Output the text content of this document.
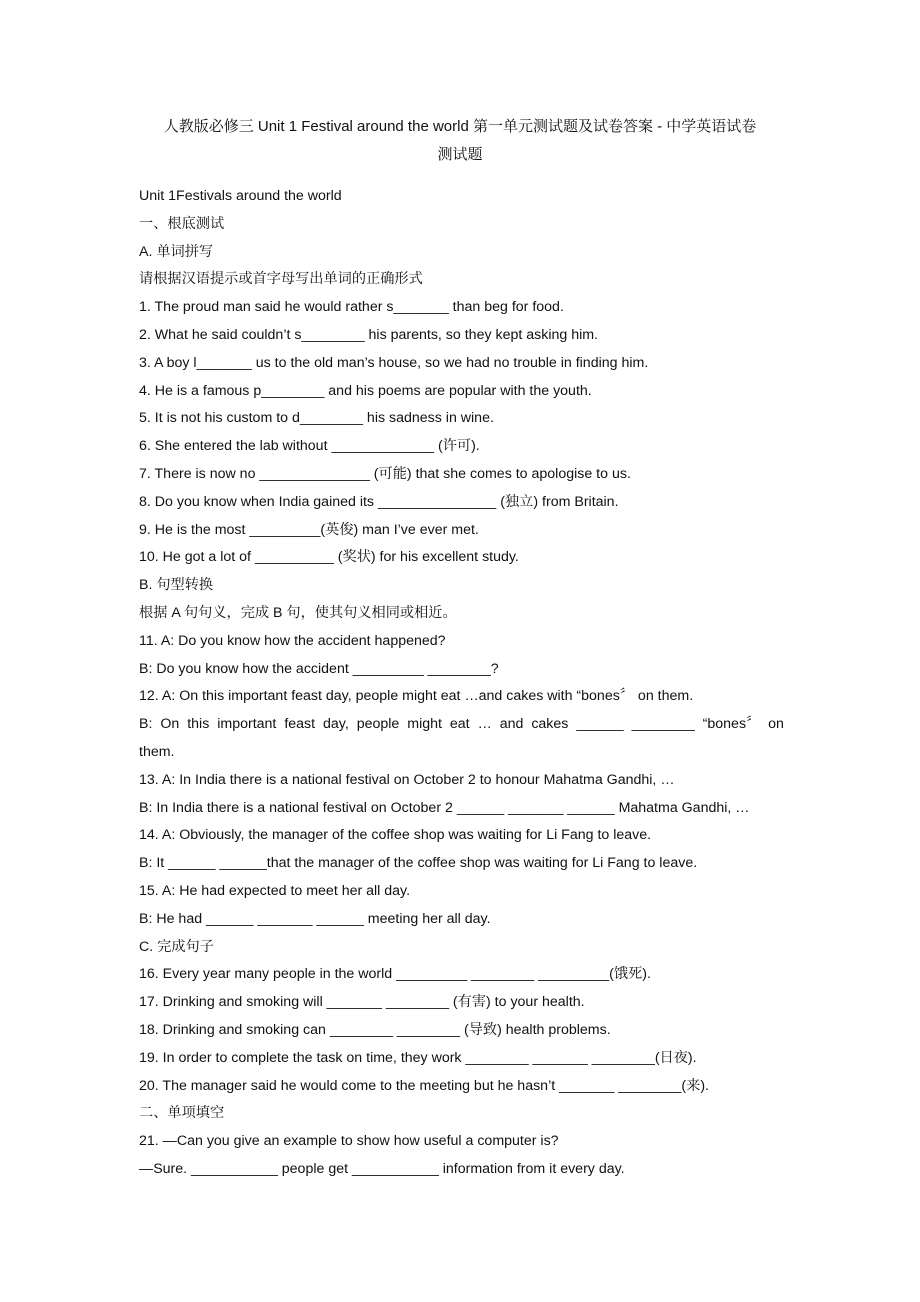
人教版必修三 Unit 1 Festival around the world 第一单元测试题及试卷答案 - 中学英语试卷
测试题
Unit 1Festivals around the world
一、根底测试
A. 单词拼写
请根据汉语提示或首字母写出单词的正确形式
1. The proud man said he would rather s_______ than beg for food.
2. What he said couldn’t s________ his parents, so they kept asking him.
3. A boy l_______ us to the old man’s house, so we had no trouble in finding him.
4. He is a famous p________ and his poems are popular with the youth.
5. It is not his custom to d________ his sadness in wine.
6. She entered the lab without _____________ (许可).
7. There is now no ______________ (可能) that she comes to apologise to us.
8. Do you know when India gained its _______________ (独立) from Britain.
9. He is the most _________(英俊) man I’ve ever met.
10. He got a lot of __________ (奖状) for his excellent study.
B. 句型转换
根据 A 句句义，完成 B 句，使其句义相同或相近。
11. A: Do you know how the accident happened?
B: Do you know how the accident _________ ________?
12. A: On this important feast day, people might eat …and cakes with “bones〞 on them.
B: On this important feast day, people might eat … and cakes ______ ________ “bones〞 on
them.
13. A: In India there is a national festival on October 2 to honour Mahatma Gandhi, …
B: In India there is a national festival on October 2 ______ _______ ______ Mahatma Gandhi, …
14. A: Obviously, the manager of the coffee shop was waiting for Li Fang to leave.
B: It ______ ______that the manager of the coffee shop was waiting for Li Fang to leave.
15. A: He had expected to meet her all day.
B: He had ______ _______ ______ meeting her all day.
C. 完成句子
16. Every year many people in the world _________ ________ _________(饿死).
17. Drinking and smoking will _______ ________ (有害) to your health.
18. Drinking and smoking can ________ ________ (导致) health problems.
19. In order to complete the task on time, they work ________ _______ ________(日夜).
20. The manager said he would come to the meeting but he hasn’t _______ ________(来).
二、单项填空
21. —Can you give an example to show how useful a computer is?
—Sure. ___________ people get ___________ information from it every day.
